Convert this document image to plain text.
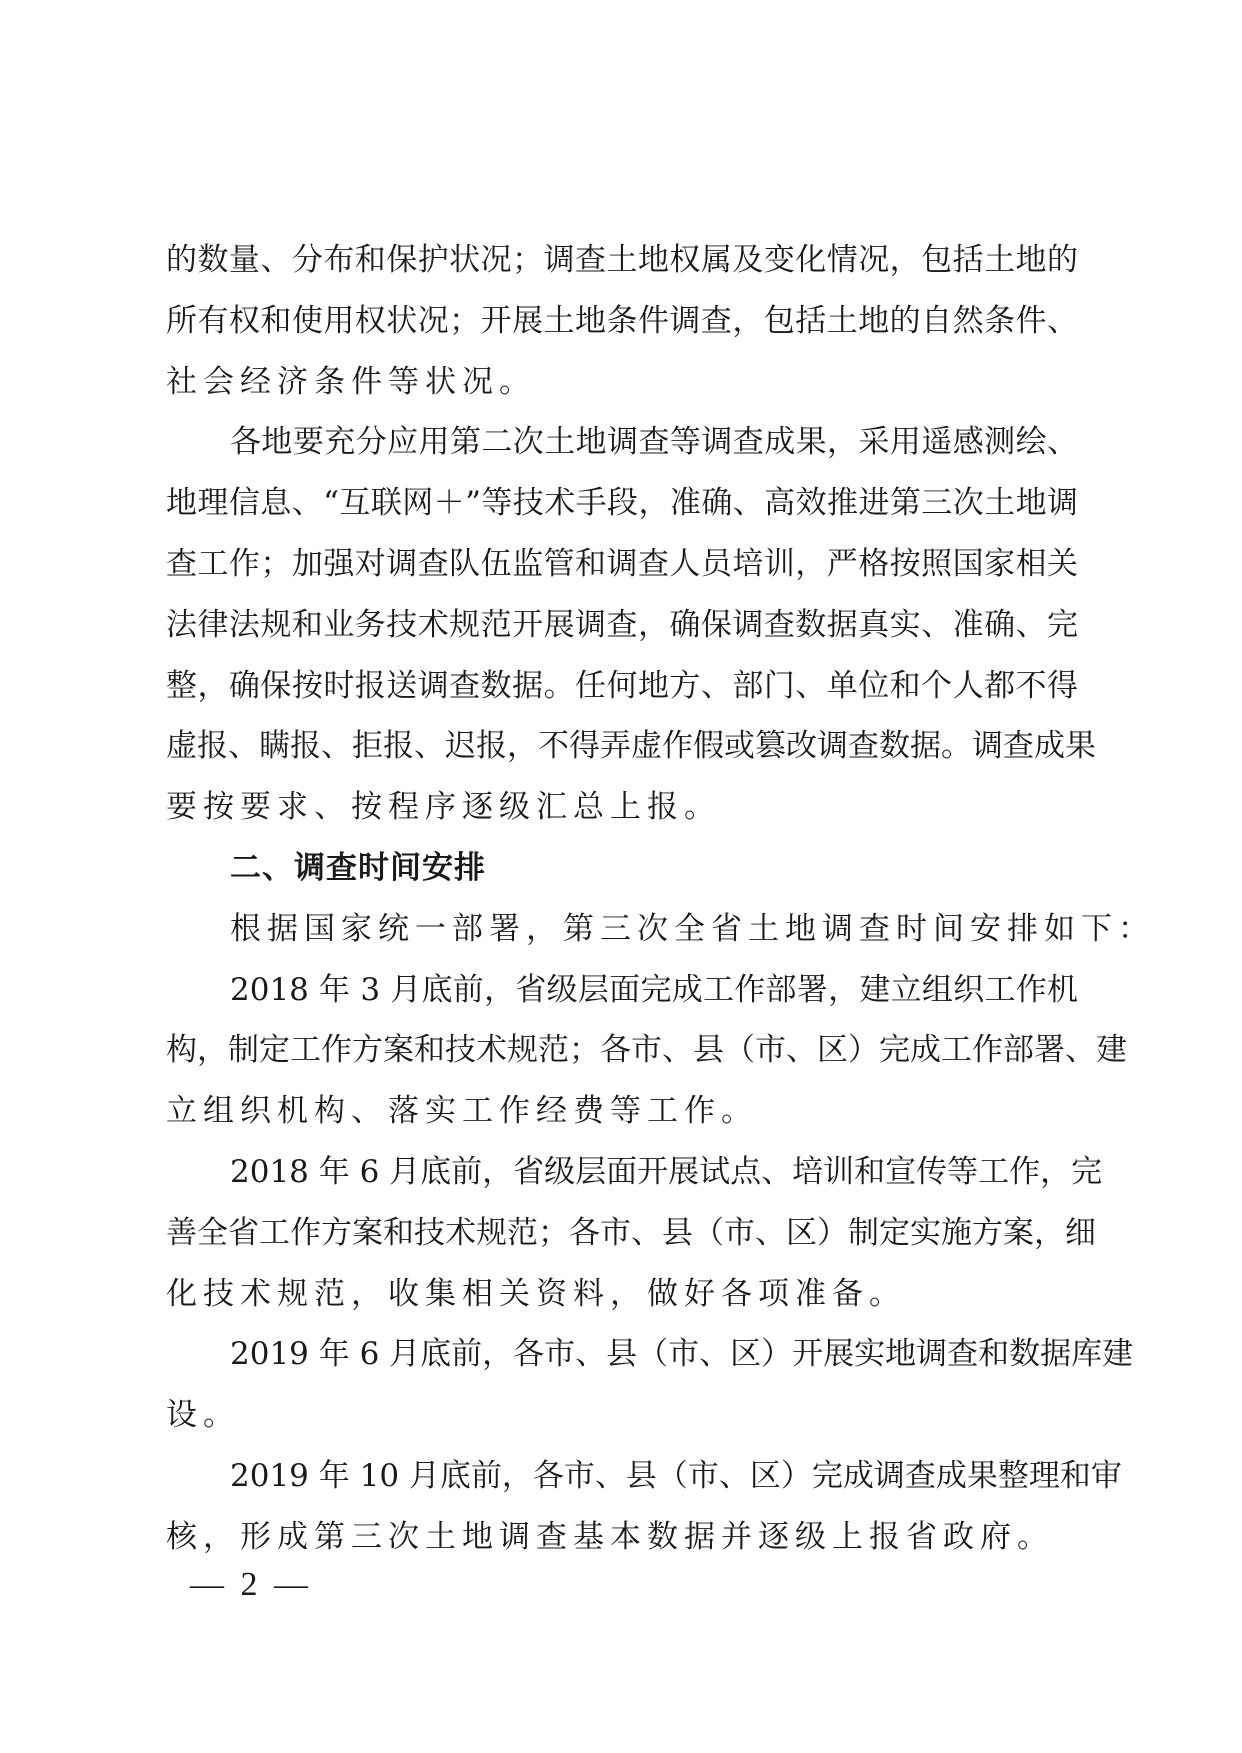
的数量、分布和保护状况；调查土地权属及变化情况，包括土地的
所有权和使用权状况；开展土地条件调查，包括土地的自然条件、
社会经济条件等状况。
各地要充分应用第二次土地调查等调查成果，采用遥感测绘、
地理信息、“互联网＋”等技术手段，准确、高效推进第三次土地调
查工作；加强对调查队伍监管和调查人员培训，严格按照国家相关
法律法规和业务技术规范开展调查，确保调查数据真实、准确、完
整，确保按时报送调查数据。任何地方、部门、单位和个人都不得
虚报、瞒报、拒报、迟报，不得弄虚作假或篡改调查数据。调查成果
要按要求、按程序逐级汇总上报。
二、调查时间安排
根据国家统一部署，第三次全省土地调查时间安排如下：
2018 年 3 月底前，省级层面完成工作部署，建立组织工作机
构，制定工作方案和技术规范；各市、县（市、区）完成工作部署、建
立组织机构、落实工作经费等工作。
2018 年 6 月底前，省级层面开展试点、培训和宣传等工作，完
善全省工作方案和技术规范；各市、县（市、区）制定实施方案，细
化技术规范，收集相关资料，做好各项准备。
2019 年 6 月底前，各市、县（市、区）开展实地调查和数据库建
设。
2019 年 10 月底前，各市、县（市、区）完成调查成果整理和审
核，形成第三次土地调查基本数据并逐级上报省政府。
— 2 —
